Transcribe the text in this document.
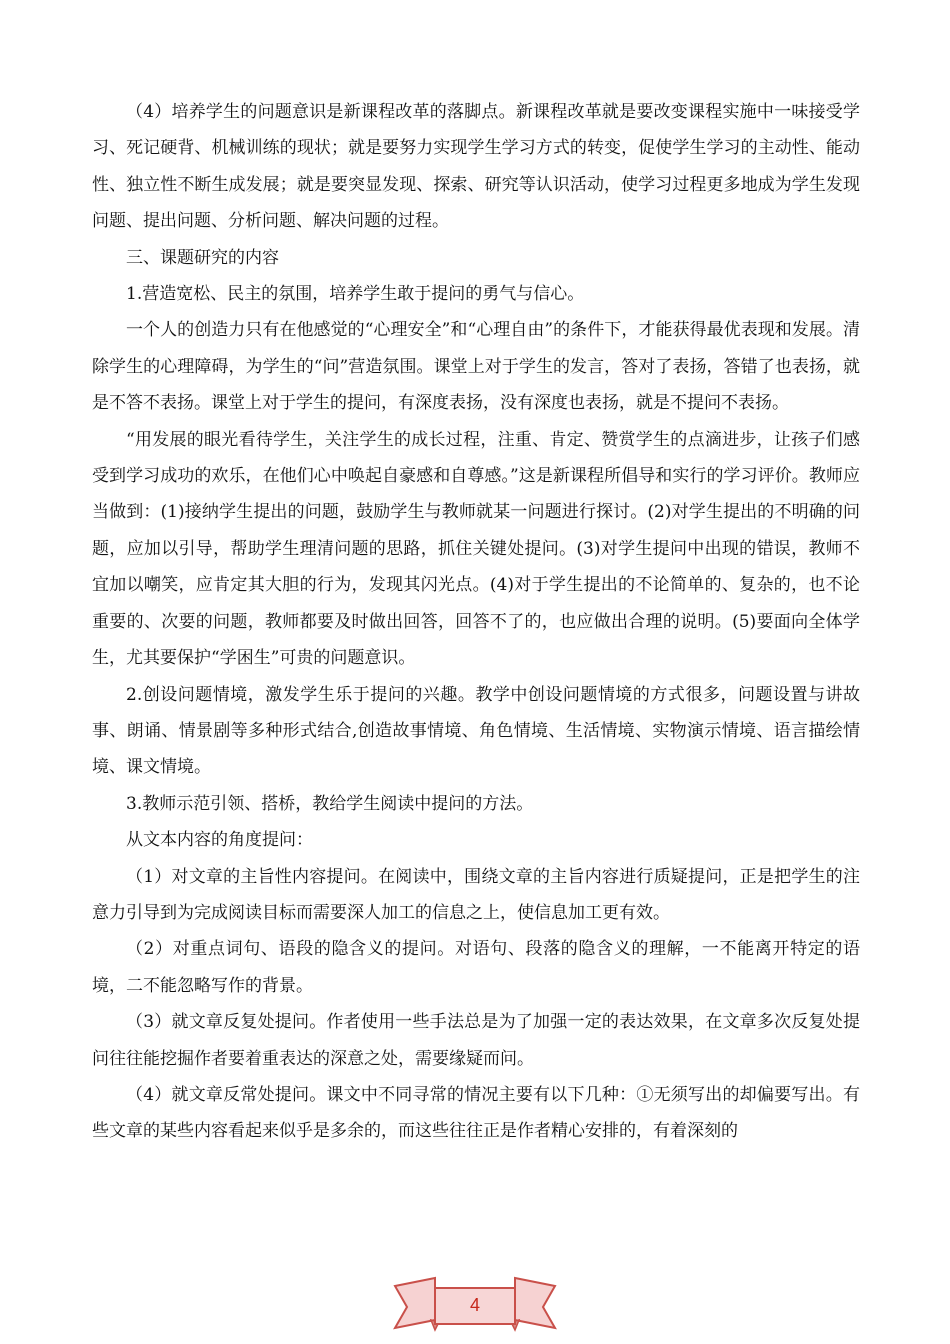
（4）培养学生的问题意识是新课程改革的落脚点。新课程改革就是要改变课程实施中一味接受学习、死记硬背、机械训练的现状；就是要努力实现学生学习方式的转变，促使学生学习的主动性、能动性、独立性不断生成发展；就是要突显发现、探索、研究等认识活动，使学习过程更多地成为学生发现问题、提出问题、分析问题、解决问题的过程。

三、课题研究的内容

1.营造宽松、民主的氛围，培养学生敢于提问的勇气与信心。

一个人的创造力只有在他感觉的“心理安全”和“心理自由”的条件下，才能获得最优表现和发展。清除学生的心理障碍，为学生的“问”营造氛围。课堂上对于学生的发言，答对了表扬，答错了也表扬，就是不答不表扬。课堂上对于学生的提问，有深度表扬，没有深度也表扬，就是不提问不表扬。

“用发展的眼光看待学生，关注学生的成长过程，注重、肯定、赞赏学生的点滴进步，让孩子们感受到学习成功的欢乐，在他们心中唤起自豪感和自尊感。”这是新课程所倡导和实行的学习评价。教师应当做到：(1)接纳学生提出的问题，鼓励学生与教师就某一问题进行探讨。(2)对学生提出的不明确的问题，应加以引导，帮助学生理清问题的思路，抓住关键处提问。(3)对学生提问中出现的错误，教师不宜加以嘲笑，应肯定其大胆的行为，发现其闪光点。(4)对于学生提出的不论简单的、复杂的，也不论重要的、次要的问题，教师都要及时做出回答，回答不了的，也应做出合理的说明。(5)要面向全体学生，尤其要保护“学困生”可贵的问题意识。

2.创设问题情境，激发学生乐于提问的兴趣。教学中创设问题情境的方式很多，问题设置与讲故事、朗诵、情景剧等多种形式结合,创造故事情境、角色情境、生活情境、实物演示情境、语言描绘情境、课文情境。

3.教师示范引领、搭桥，教给学生阅读中提问的方法。

从文本内容的角度提问：

（1）对文章的主旨性内容提问。在阅读中，围绕文章的主旨内容进行质疑提问，正是把学生的注意力引导到为完成阅读目标而需要深人加工的信息之上，使信息加工更有效。

（2）对重点词句、语段的隐含义的提问。对语句、段落的隐含义的理解，一不能离开特定的语境，二不能忽略写作的背景。

（3）就文章反复处提问。作者使用一些手法总是为了加强一定的表达效果，在文章多次反复处提问往往能挖掘作者要着重表达的深意之处，需要缘疑而问。

（4）就文章反常处提问。课文中不同寻常的情况主要有以下几种：①无须写出的却偏要写出。有些文章的某些内容看起来似乎是多余的，而这些往往正是作者精心安排的，有着深刻的

4
